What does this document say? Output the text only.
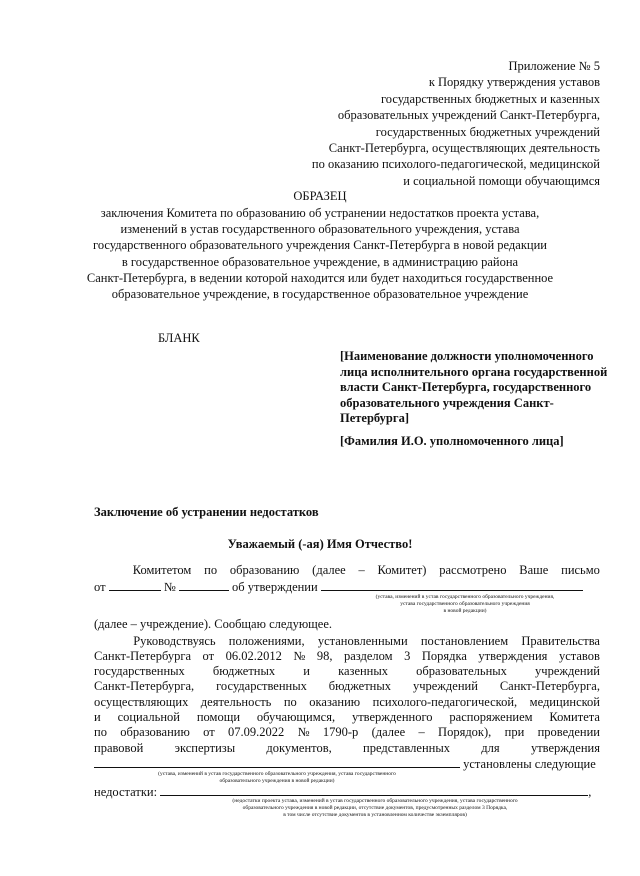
Приложение № 5
к Порядку утверждения уставов
государственных бюджетных и казенных
образовательных учреждений Санкт-Петербурга,
государственных бюджетных учреждений
Санкт-Петербурга, осуществляющих деятельность
по оказанию психолого-педагогической, медицинской
и социальной помощи обучающимся
ОБРАЗЕЦ
заключения Комитета по образованию об устранении недостатков проекта устава,
изменений в устав государственного образовательного учреждения, устава
государственного образовательного учреждения Санкт-Петербурга в новой редакции
в государственное образовательное учреждение, в администрацию района
Санкт-Петербурга, в ведении которой находится или будет находиться государственное
образовательное учреждение, в государственное образовательное учреждение
БЛАНК
[Наименование должности уполномоченного лица исполнительного органа государственной власти Санкт-Петербурга, государственного образовательного учреждения Санкт-Петербурга]
[Фамилия И.О. уполномоченного лица]
Заключение об устранении недостатков
Уважаемый (-ая) Имя Отчество!
Комитетом по образованию (далее – Комитет) рассмотрено Ваше письмо
от	№	об утверждении
(устава, изменений в устав государственного образовательного учреждения,
устава государственного образовательного учреждения
в новой редакции)
(далее – учреждение). Сообщаю следующее.
Руководствуясь положениями, установленными постановлением Правительства
Санкт-Петербурга от 06.02.2012 № 98, разделом 3 Порядка утверждения уставов
государственных бюджетных и казенных образовательных учреждений
Санкт-Петербурга, государственных бюджетных учреждений Санкт-Петербурга,
осуществляющих деятельность по оказанию психолого-педагогической, медицинской
и социальной помощи обучающимся, утвержденного распоряжением Комитета
по образованию от 07.09.2022 № 1790-р (далее – Порядок), при проведении
правовой	экспертизы	документов,	представленных	для	утверждения
установлены следующие
(устава, изменений в устав государственного образовательного учреждения, устава государственного
образовательного учреждения в новой редакции)
недостатки:	,
(недостатки проекта устава, изменений в устав государственного образовательного учреждения, устава государственного
образовательного учреждения в новой редакции, отсутствие документов, предусмотренных разделом 3 Порядка,
в том числе отсутствие документов в установленном количестве экземпляров)
